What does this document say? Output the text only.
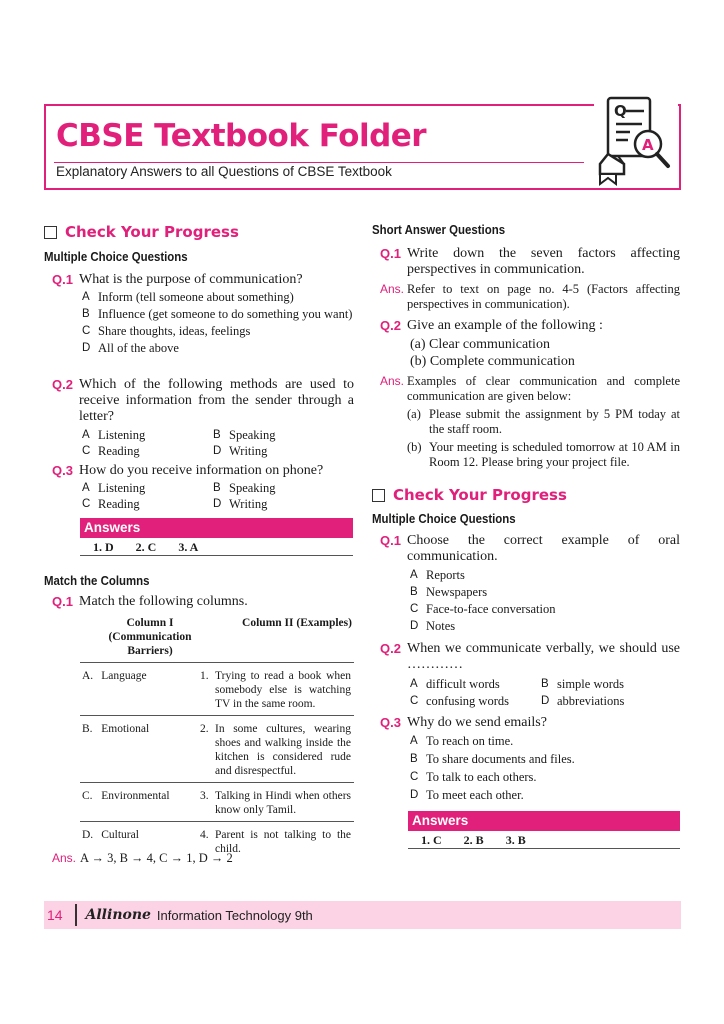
CBSE Textbook Folder
Explanatory Answers to all Questions of CBSE Textbook
Q
A
Check Your Progress
Multiple Choice Questions
Q.1 What is the purpose of communication?
A Inform (tell someone about something)
B Influence (get someone to do something you want)
C Share thoughts, ideas, feelings
D All of the above
Q.2 Which of the following methods are used to receive information from the sender through a letter?
A Listening	B Speaking
C Reading	D Writing
Q.3 How do you receive information on phone?
A Listening	B Speaking
C Reading	D Writing
Answers
1. D 2. C 3. A
Match the Columns
Q.1 Match the following columns.
Column I (Communication Barriers)		Column II (Examples)	
A.	Language	1.	Trying to read a book when somebody else is watching TV in the same room.
B.	Emotional	2.	In some cultures, wearing shoes and walking inside the kitchen is considered rude and disrespectful.
C.	Environmental	3.	Talking in Hindi when others know only Tamil.
D.	Cultural	4.	Parent is not talking to the child.
Ans. A → 3, B → 4, C → 1, D → 2
Short Answer Questions
Q.1 Write down the seven factors affecting perspectives in communication.
Ans. Refer to text on page no. 4-5 (Factors affecting perspectives in communication).
Q.2 Give an example of the following :
(a) Clear communication
(b) Complete communication
Ans. Examples of clear communication and complete communication are given below:
(a) Please submit the assignment by 5 PM today at the staff room.
(b) Your meeting is scheduled tomorrow at 10 AM in Room 12. Please bring your project file.
Check Your Progress
Multiple Choice Questions
Q.1 Choose the correct example of oral communication.
A Reports
B Newspapers
C Face-to-face conversation
D Notes
Q.2 When we communicate verbally, we should use …………
A difficult words	B simple words
C confusing words	D abbreviations
Q.3 Why do we send emails?
A To reach on time.
B To share documents and files.
C To talk to each others.
D To meet each other.
Answers
1. C 2. B 3. B
14	Allinone Information Technology 9th
